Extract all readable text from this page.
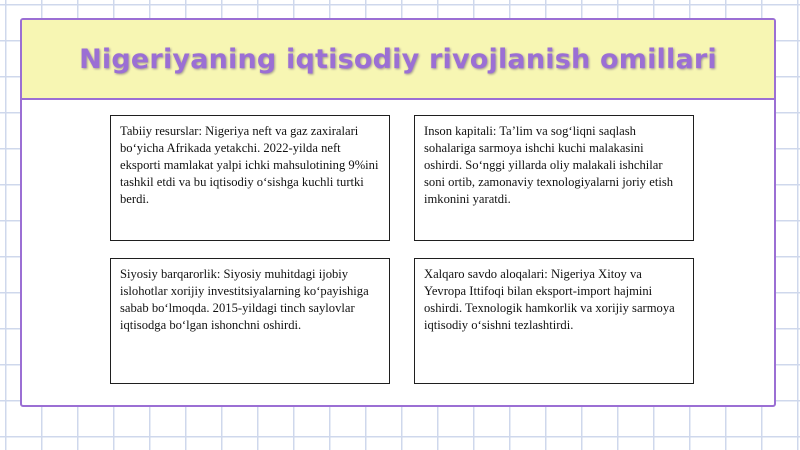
Nigeriyaning iqtisodiy rivojlanish omillari

Tabiiy resurslar: Nigeriya neft va gaz zaxiralari bo‘yicha Afrikada yetakchi. 2022-yilda neft eksporti mamlakat yalpi ichki mahsulotining 9%ini tashkil etdi va bu iqtisodiy o‘sishga kuchli turtki berdi.

Inson kapitali: Ta’lim va sog‘liqni saqlash sohalariga sarmoya ishchi kuchi malakasini oshirdi. So‘nggi yillarda oliy malakali ishchilar soni ortib, zamonaviy texnologiyalarni joriy etish imkonini yaratdi.

Siyosiy barqarorlik: Siyosiy muhitdagi ijobiy islohotlar xorijiy investitsiyalarning ko‘payishiga sabab bo‘lmoqda. 2015-yildagi tinch saylovlar iqtisodga bo‘lgan ishonchni oshirdi.

Xalqaro savdo aloqalari: Nigeriya Xitoy va Yevropa Ittifoqi bilan eksport-import hajmini oshirdi. Texnologik hamkorlik va xorijiy sarmoya iqtisodiy o‘sishni tezlashtirdi.
